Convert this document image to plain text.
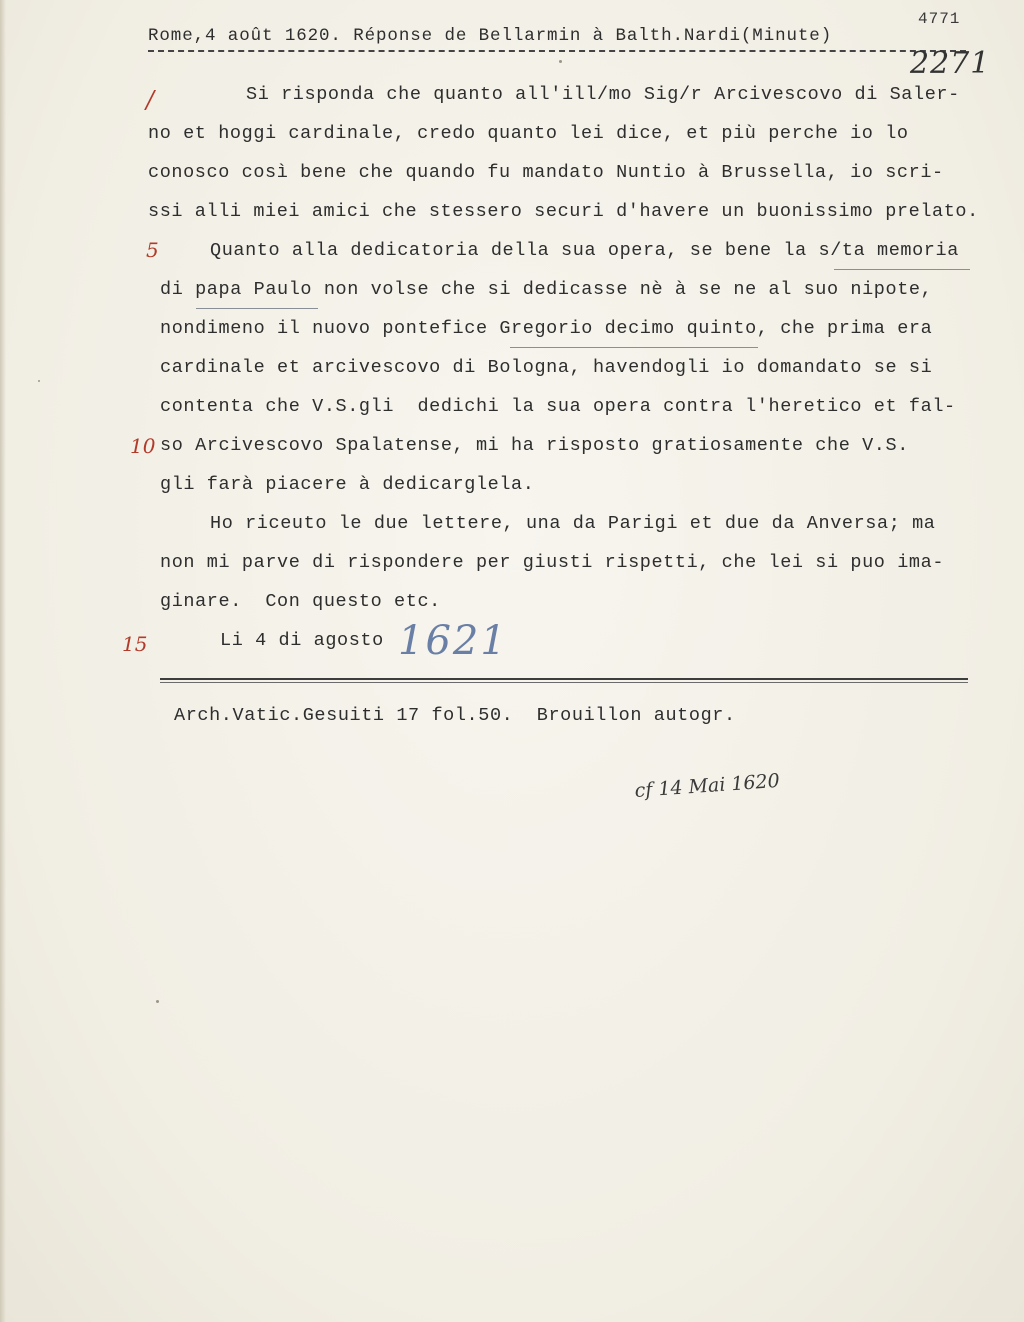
4771
Rome,4 août 1620. Réponse de Bellarmin à Balth.Nardi(Minute)
2271
/
5
10
15
Si risponda che quanto all'ill/mo Sig/r Arcivescovo di Saler-
no et hoggi cardinale, credo quanto lei dice, et più perche io lo
conosco così bene che quando fu mandato Nuntio à Brussella, io scri-
ssi alli miei amici che stessero securi d'havere un buonissimo prelato.
Quanto alla dedicatoria della sua opera, se bene la s/ta memoria
di papa Paulo non volse che si dedicasse nè à se ne al suo nipote,
nondimeno il nuovo pontefice Gregorio decimo quinto, che prima era
cardinale et arcivescovo di Bologna, havendogli io domandato se si
contenta che V.S.gli  dedichi la sua opera contra l'heretico et fal-
so Arcivescovo Spalatense, mi ha risposto gratiosamente che V.S.
gli farà piacere à dedicarglela.
Ho riceuto le due lettere, una da Parigi et due da Anversa; ma
non mi parve di rispondere per giusti rispetti, che lei si puo ima-
ginare.  Con questo etc.
Li 4 di agosto 1621
Arch.Vatic.Gesuiti 17 fol.50.  Brouillon autogr.
cf 14 Mai 1620
